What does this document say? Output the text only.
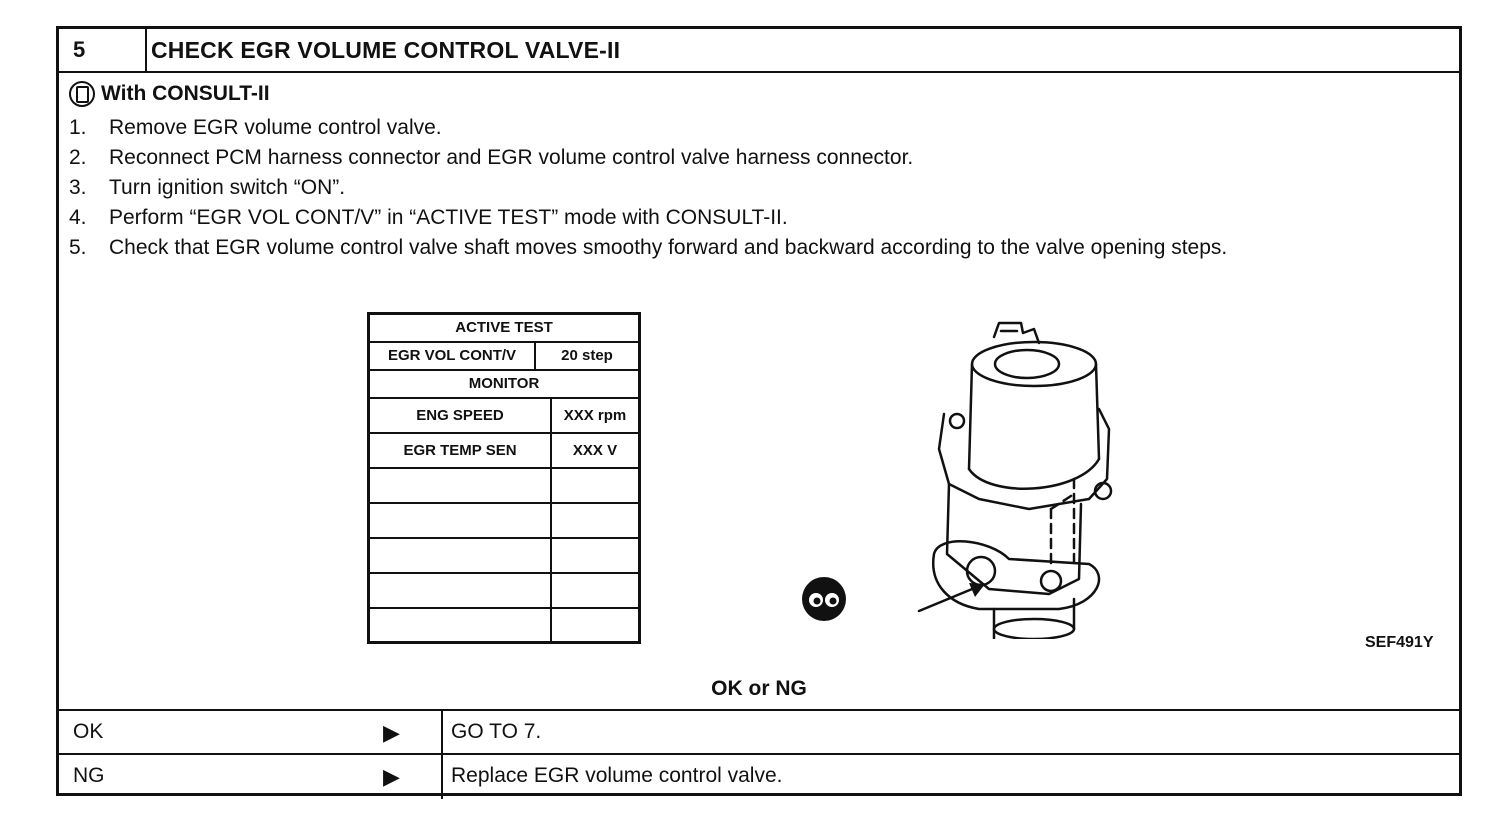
5	CHECK EGR VOLUME CONTROL VALVE-II
With CONSULT-II
1. Remove EGR volume control valve.
2. Reconnect PCM harness connector and EGR volume control valve harness connector.
3. Turn ignition switch “ON”.
4. Perform “EGR VOL CONT/V” in “ACTIVE TEST” mode with CONSULT-II.
5. Check that EGR volume control valve shaft moves smoothy forward and backward according to the valve opening steps.
ACTIVE TEST	

EGR VOL CONT/V 20 step	

MONITOR	
ENG SPEED	XXX rpm
EGR TEMP SEN	XXX V

SEF491Y
OK or NG
OK	▶ GO TO 7.
NG	▶ Replace EGR volume control valve.
